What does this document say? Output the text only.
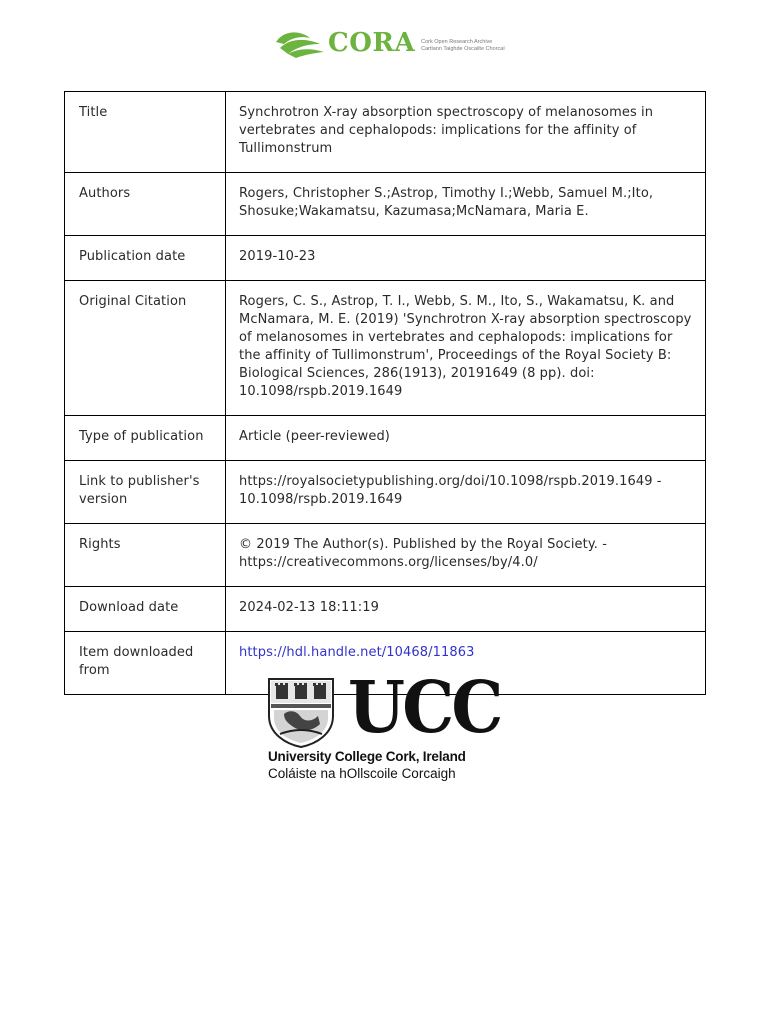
CORA Cork Open Research Archive
Cartlann Taighde Oscailte Chorcaí
Title	Synchrotron X-ray absorption spectroscopy of melanosomes in vertebrates and cephalopods: implications for the affinity of Tullimonstrum
Authors	Rogers, Christopher S.;Astrop, Timothy I.;Webb, Samuel M.;Ito, Shosuke;Wakamatsu, Kazumasa;McNamara, Maria E.
Publication date	2019-10-23
Original Citation	Rogers, C. S., Astrop, T. I., Webb, S. M., Ito, S., Wakamatsu, K. and McNamara, M. E. (2019) 'Synchrotron X-ray absorption spectroscopy of melanosomes in vertebrates and cephalopods: implications for the affinity of Tullimonstrum', Proceedings of the Royal Society B: Biological Sciences, 286(1913), 20191649 (8 pp). doi: 10.1098/rspb.2019.1649
Type of publication	Article (peer-reviewed)
Link to publisher's version	https://royalsocietypublishing.org/doi/10.1098/rspb.2019.1649 - 10.1098/rspb.2019.1649
Rights	© 2019 The Author(s). Published by the Royal Society. - https://creativecommons.org/licenses/by/4.0/
Download date	2024-02-13 18:11:19
Item downloaded from	https://hdl.handle.net/10468/11863
UCC
University College Cork, Ireland
Coláiste na hOllscoile Corcaigh
